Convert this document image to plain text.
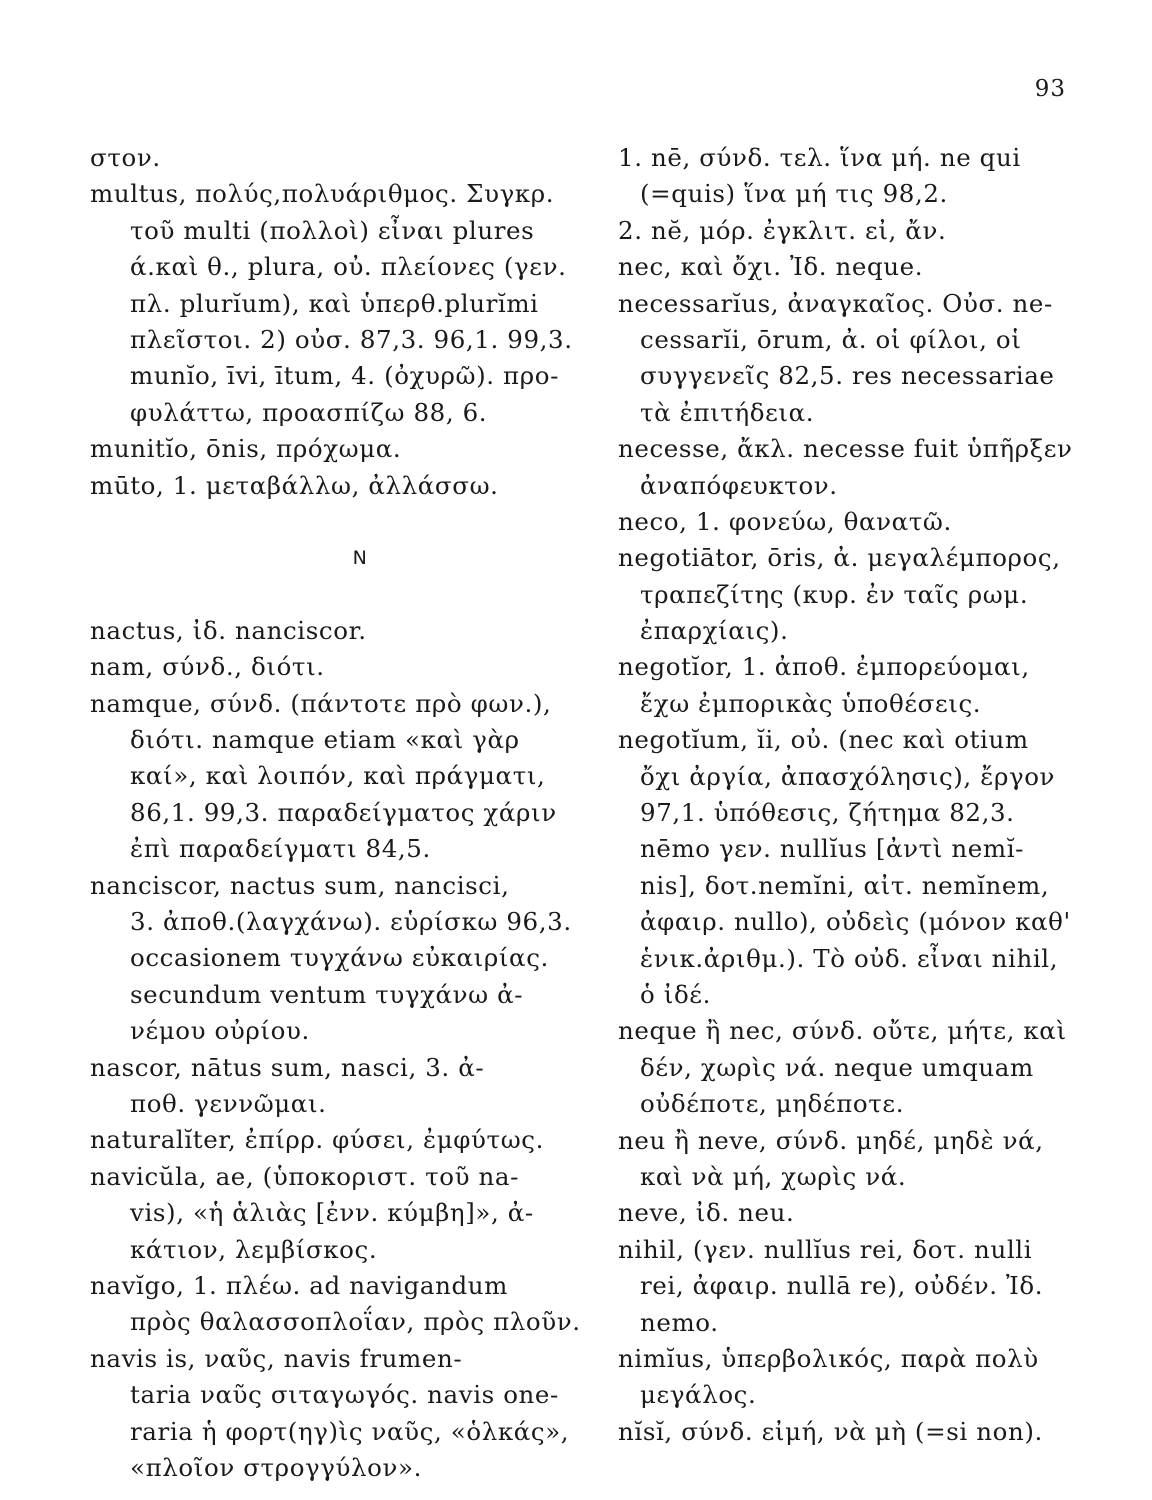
93
στον.
multus, πολύς,πολυάριθμος. Συγκρ.
τοῦ multi (πολλοὶ) εἶναι plures
ά.καὶ θ., plura, οὐ. πλείονες (γεν.
πλ. plurĭum), καὶ ὑπερθ.plurĭmi
πλεῖστοι. 2) οὐσ. 87,3. 96,1. 99,3.
munĭo, īvi, ītum, 4. (ὀχυρῶ). προ-
φυλάττω, προασπίζω 88, 6.
munitĭo, ōnis, πρόχωμα.
mūto, 1. μεταβάλλω, ἀλλάσσω.
N
nactus, ἰδ. nanciscor.
nam, σύνδ., διότι.
namque, σύνδ. (πάντοτε πρὸ φων.),
διότι. namque etiam «καὶ γὰρ
καί», καὶ λοιπόν, καὶ πράγματι,
86,1. 99,3. παραδείγματος χάριν
ἐπὶ παραδείγματι 84,5.
nanciscor, nactus sum, nancisci,
3. ἀποθ.(λαγχάνω). εὑρίσκω 96,3.
occasionem τυγχάνω εὐκαιρίας.
secundum ventum τυγχάνω ἀ-
νέμου οὐρίου.
nascor, nātus sum, nasci, 3. ἀ-
ποθ. γεννῶμαι.
naturalĭter, ἐπίρρ. φύσει, ἐμφύτως.
navicŭla, ae, (ὑποκοριστ. τοῦ na-
vis), «ἡ ἁλιὰς [ἐνν. κύμβη]», ἀ-
κάτιον, λεμβίσκος.
navĭgo, 1. πλέω. ad navigandum
πρὸς θαλασσοπλοΐαν, πρὸς πλοῦν.
navis is, ναῦς, navis frumen-
taria ναῦς σιταγωγός. navis one-
raria ἡ φορτ(ηγ)ὶς ναῦς, «ὁλκάς»,
«πλοῖον στρογγύλον».
1. nē, σύνδ. τελ. ἵνα μή. ne qui
(=quis) ἵνα μή τις 98,2.
2. nĕ, μόρ. ἐγκλιτ. εἰ, ἄν.
nec, καὶ ὄχι. Ἰδ. neque.
necessarĭus, ἀναγκαῖος. Οὐσ. ne-
cessarĭi, ōrum, ἀ. οἱ φίλοι, οἱ
συγγενεῖς 82,5. res necessariae
τὰ ἐπιτήδεια.
necesse, ἄκλ. necesse fuit ὑπῆρξεν
ἀναπόφευκτον.
neco, 1. φονεύω, θανατῶ.
negotiātor, ōris, ἀ. μεγαλέμπορος,
τραπεζίτης (κυρ. ἐν ταῖς ρωμ.
ἐπαρχίαις).
negotĭor, 1. ἀποθ. ἐμπορεύομαι,
ἔχω ἐμπορικὰς ὑποθέσεις.
negotĭum, ĭi, οὐ. (nec καὶ otium
ὄχι ἀργία, ἀπασχόλησις), ἔργον
97,1. ὑπόθεσις, ζήτημα 82,3.
nēmo γεν. nullĭus [ἀντὶ nemĭ-
nis], δοτ.nemĭni, αἰτ. nemĭnem,
ἀφαιρ. nullo), οὐδεὶς (μόνον καθ'
ἑνικ.ἀριθμ.). Τὸ οὐδ. εἶναι nihil,
ὁ ἰδέ.
neque ἢ nec, σύνδ. οὔτε, μήτε, καὶ
δέν, χωρὶς νά. neque umquam
οὐδέποτε, μηδέποτε.
neu ἢ neve, σύνδ. μηδέ, μηδὲ νά,
καὶ νὰ μή, χωρὶς νά.
neve, ἰδ. neu.
nihil, (γεν. nullĭus rei, δοτ. nulli
rei, ἀφαιρ. nullā re), οὐδέν. Ἰδ.
nemo.
nimĭus, ὑπερβολικός, παρὰ πολὺ
μεγάλος.
nĭsĭ, σύνδ. εἰμή, νὰ μὴ (=si non).
